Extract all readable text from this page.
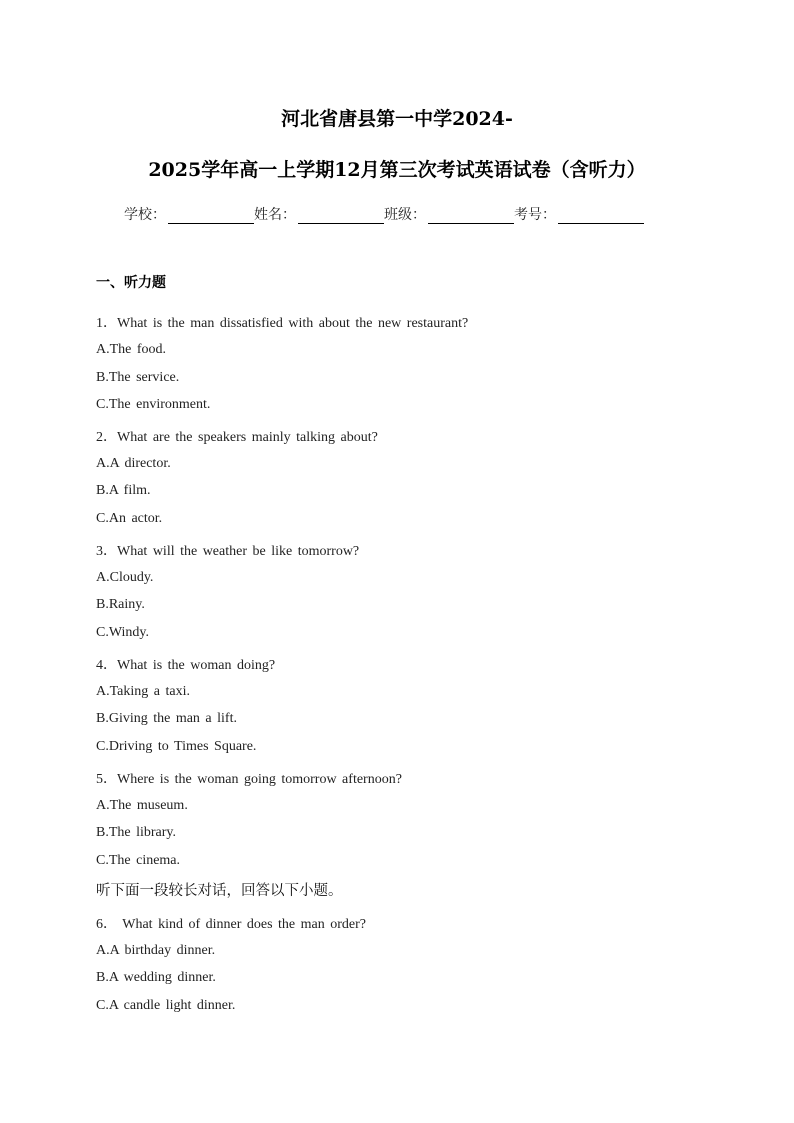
河北省唐县第一中学2024-
2025学年高一上学期12月第三次考试英语试卷（含听力）
学校：	姓名：	班级：	考号：
一、听力题
1．What is the man dissatisfied with about the new restaurant?
A.The food.
B.The service.
C.The environment.
2．What are the speakers mainly talking about?
A.A director.
B.A film.
C.An actor.
3．What will the weather be like tomorrow?
A.Cloudy.
B.Rainy.
C.Windy.
4．What is the woman doing?
A.Taking a taxi.
B.Giving the man a lift.
C.Driving to Times Square.
5．Where is the woman going tomorrow afternoon?
A.The museum.
B.The library.
C.The cinema.
听下面一段较长对话，回答以下小题。
6． What kind of dinner does the man order?
A.A birthday dinner.
B.A wedding dinner.
C.A candle light dinner.
